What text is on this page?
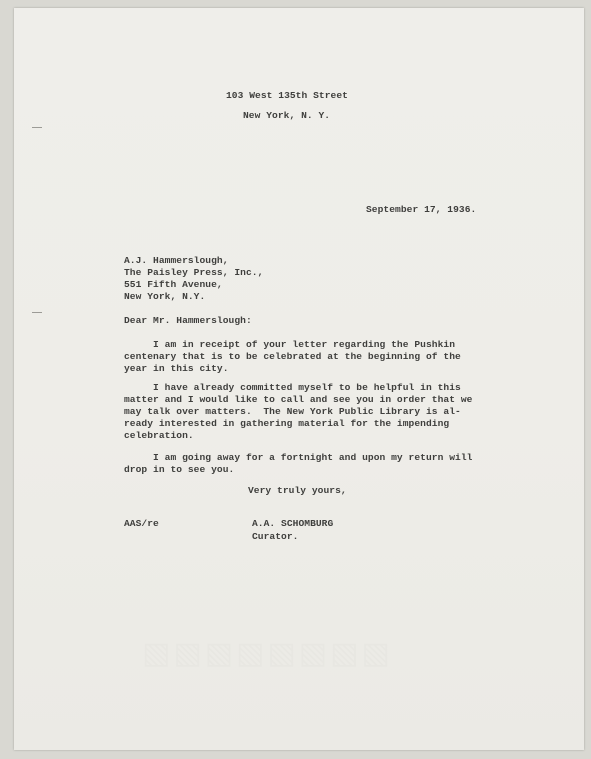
103 West 135th Street
New York, N. Y.
September 17, 1936.
A.J. Hammerslough,
The Paisley Press, Inc.,
551 Fifth Avenue,
New York, N.Y.
Dear Mr. Hammerslough:
I am in receipt of your letter regarding the Pushkin
centenary that is to be celebrated at the beginning of the
year in this city.
I have already committed myself to be helpful in this
matter and I would like to call and see you in order that we
may talk over matters.  The New York Public Library is al-
ready interested in gathering material for the impending
celebration.
I am going away for a fortnight and upon my return will
drop in to see you.
Very truly yours,
AAS/re	A.A. SCHOMBURG
Curator.
▧▧▧▧▧▧▧▧
